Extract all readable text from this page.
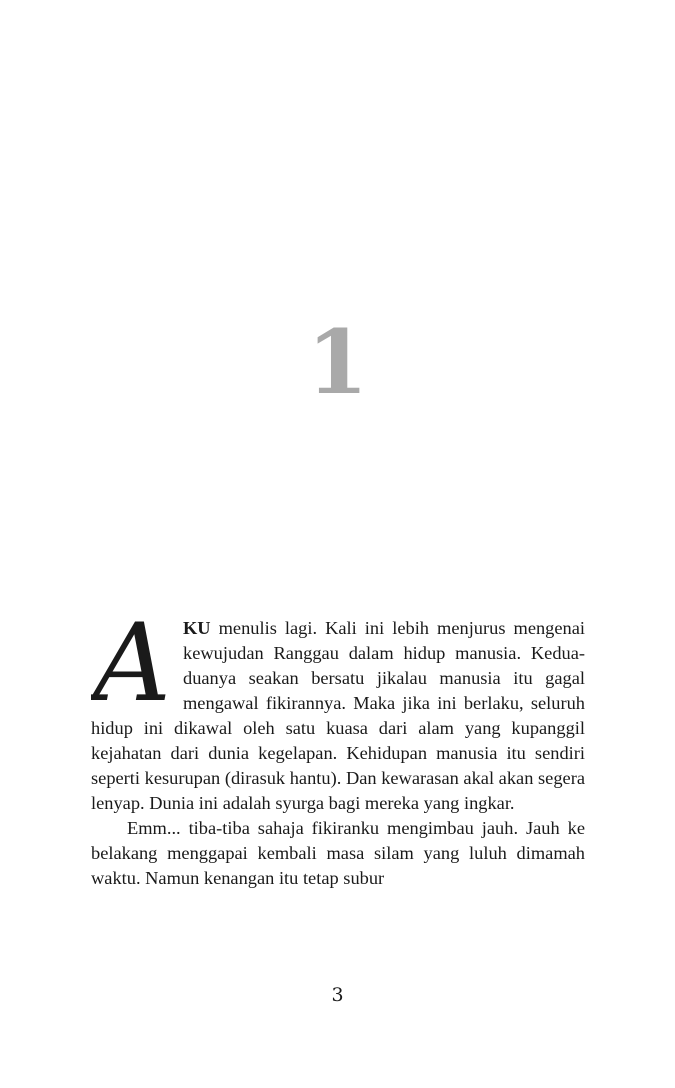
1

A KU menulis lagi. Kali ini lebih menjurus mengenai kewujudan Ranggau dalam hidup manusia. Kedua-duanya seakan bersatu jikalau manusia itu gagal mengawal fikirannya. Maka jika ini berlaku, seluruh hidup ini dikawal oleh satu kuasa dari alam yang kupanggil kejahatan dari dunia kegelapan. Kehidupan manusia itu sendiri seperti kesurupan (dirasuk hantu). Dan kewarasan akal akan segera lenyap. Dunia ini adalah syurga bagi mereka yang ingkar.

Emm... tiba-tiba sahaja fikiranku mengimbau jauh. Jauh ke belakang menggapai kembali masa silam yang luluh dimamah waktu. Namun kenangan itu tetap subur

3
